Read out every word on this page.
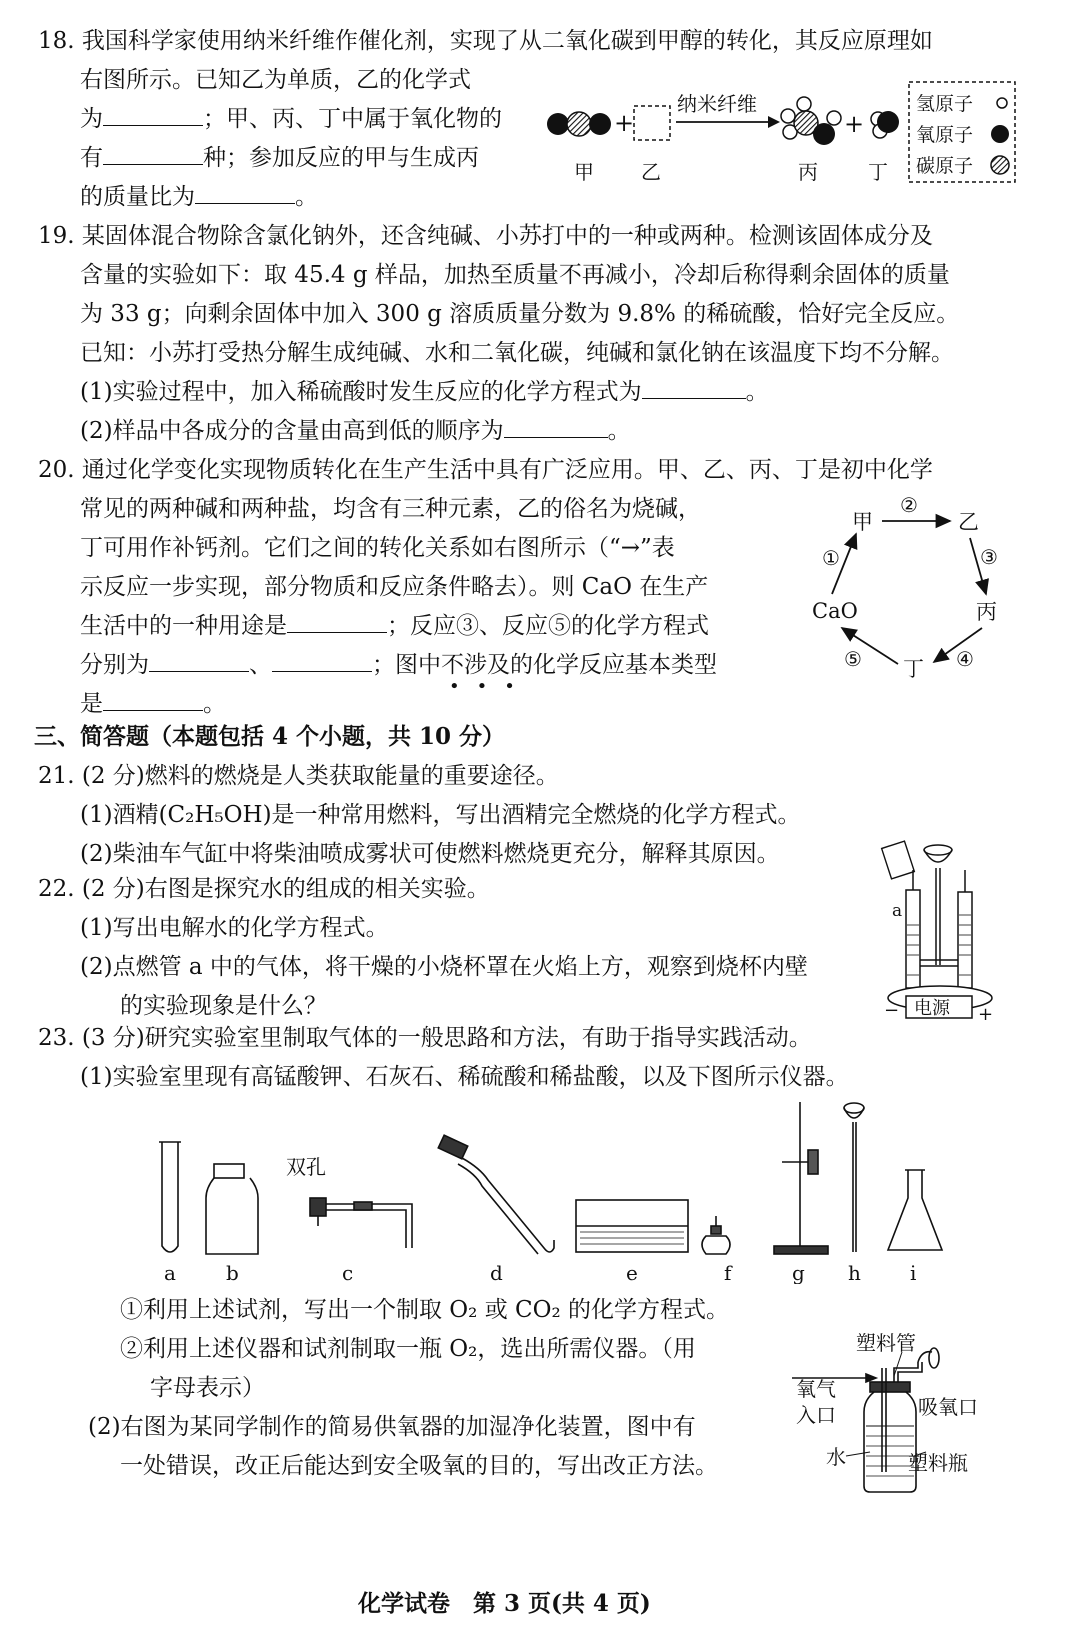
18. 我国科学家使用纳米纤维作催化剂，实现了从二氧化碳到甲醇的转化，其反应原理如
右图所示。已知乙为单质，乙的化学式
为	；甲、丙、丁中属于氧化物的
有	种；参加反应的甲与生成丙
的质量比为	。
+
纳米纤维
+
甲 乙	丙	丁
氢原子
氧原子
碳原子
19. 某固体混合物除含氯化钠外，还含纯碱、小苏打中的一种或两种。检测该固体成分及
含量的实验如下：取 45.4 g 样品，加热至质量不再减小，冷却后称得剩余固体的质量
为 33 g；向剩余固体中加入 300 g 溶质质量分数为 9.8% 的稀硫酸，恰好完全反应。
已知：小苏打受热分解生成纯碱、水和二氧化碳，纯碱和氯化钠在该温度下均不分解。
(1)实验过程中，加入稀硫酸时发生反应的化学方程式为	。
(2)样品中各成分的含量由高到低的顺序为	。
20. 通过化学变化实现物质转化在生产生活中具有广泛应用。甲、乙、丙、丁是初中化学
常见的两种碱和两种盐，均含有三种元素，乙的俗名为烧碱，
丁可用作补钙剂。它们之间的转化关系如右图所示（“→”表
示反应一步实现，部分物质和反应条件略去）。则 CaO 在生产
生活中的一种用途是	；反应③、反应⑤的化学方程式
分别为	、	；图中不涉及的化学反应基本类型
是	。
•••
甲	乙
丙
丁
CaO
①
②
③
④
⑤
三、简答题（本题包括 4 个小题，共 10 分）
21. (2 分)燃料的燃烧是人类获取能量的重要途径。
(1)酒精(C₂H₅OH)是一种常用燃料，写出酒精完全燃烧的化学方程式。
(2)柴油车气缸中将柴油喷成雾状可使燃料燃烧更充分，解释其原因。
22. (2 分)右图是探究水的组成的相关实验。
(1)写出电解水的化学方程式。
(2)点燃管 a 中的气体，将干燥的小烧杯罩在火焰上方，观察到烧杯内壁
的实验现象是什么？
a
电源
−	+
23. (3 分)研究实验室里制取气体的一般思路和方法，有助于指导实践活动。
(1)实验室里现有高锰酸钾、石灰石、稀硫酸和稀盐酸，以及下图所示仪器。
双孔
a	b	c	d	e	f	g h i
①利用上述试剂，写出一个制取 O₂ 或 CO₂ 的化学方程式。
②利用上述仪器和试剂制取一瓶 O₂，选出所需仪器。（用
字母表示）
(2)右图为某同学制作的简易供氧器的加湿净化装置，图中有
一处错误，改正后能达到安全吸氧的目的，写出改正方法。
塑料管
氧气
入口	吸氧口
水	塑料瓶
化学试卷　第 3 页(共 4 页)
